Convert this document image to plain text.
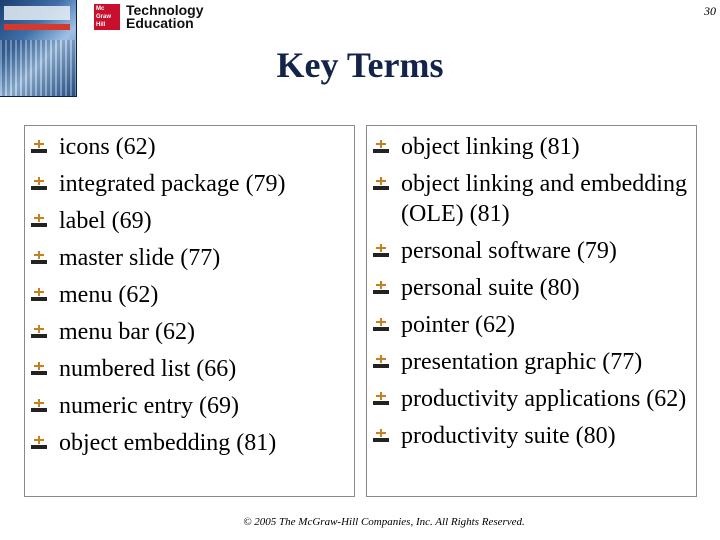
Mc Graw Hill
Technology
Education
30
Key Terms
icons (62)
integrated package (79)
label (69)
master slide (77)
menu (62)
menu bar (62)
numbered list (66)
numeric entry (69)
object embedding (81)
object linking (81)
object linking and embedding (OLE) (81)
personal software (79)
personal suite (80)
pointer (62)
presentation graphic (77)
productivity applications (62)
productivity suite (80)
© 2005 The McGraw-Hill Companies, Inc. All Rights Reserved.
